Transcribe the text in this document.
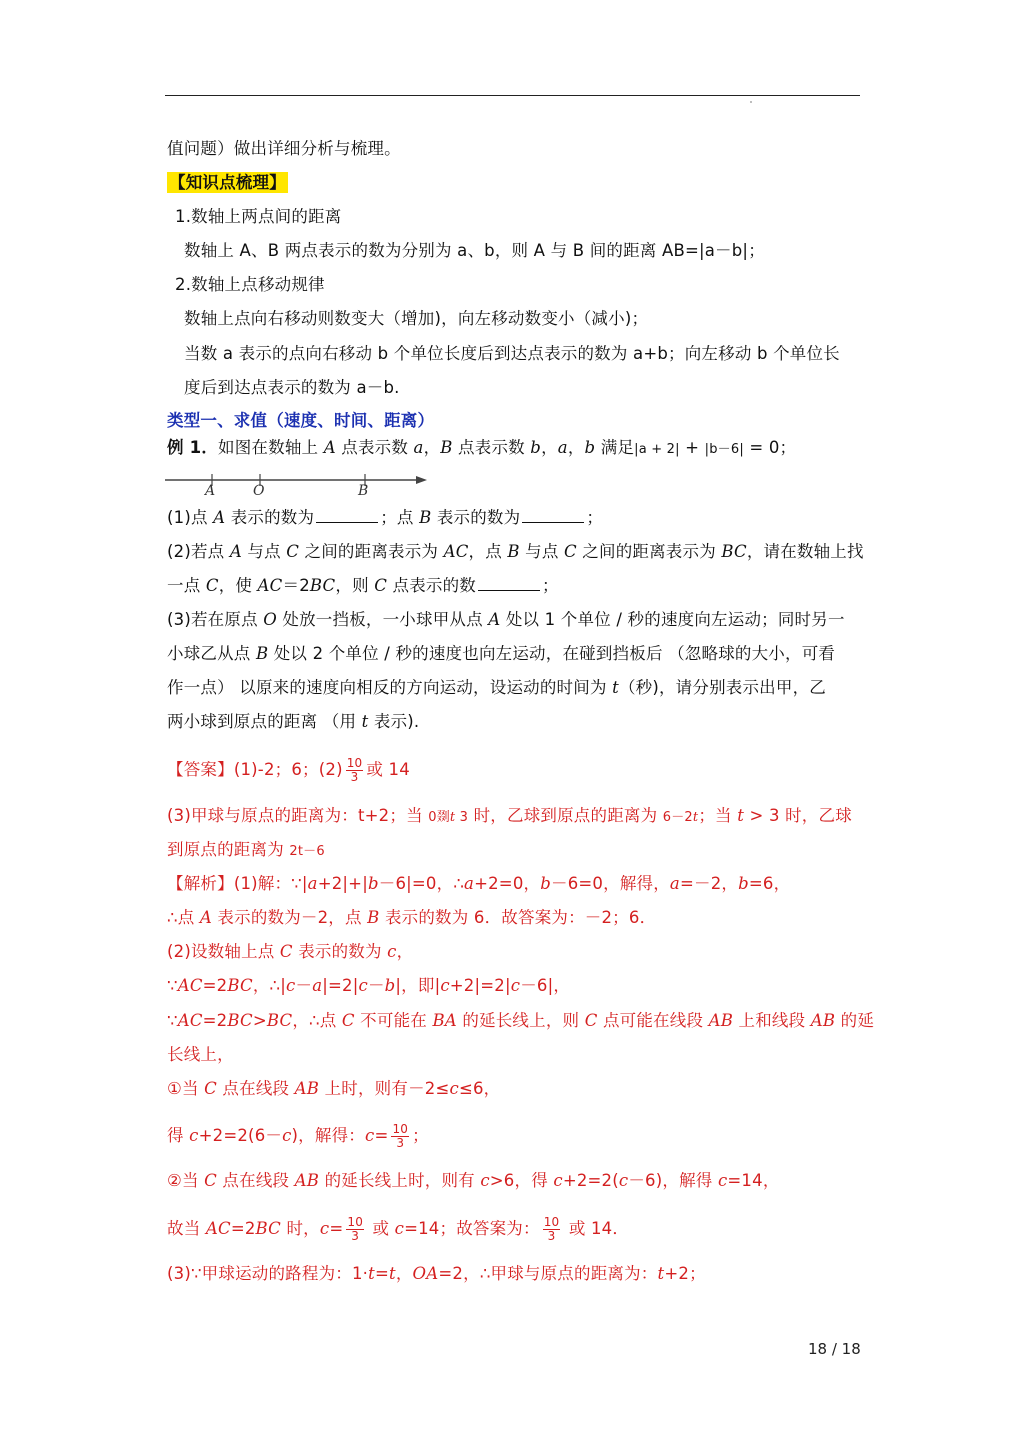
值问题）做出详细分析与梳理。
【知识点梳理】
1.数轴上两点间的距离
数轴上 A、B 两点表示的数为分别为 a、b，则 A 与 B 间的距离 AB=|a－b|；
2.数轴上点移动规律
数轴上点向右移动则数变大（增加)，向左移动数变小（减小)；
当数 a 表示的点向右移动 b 个单位长度后到达点表示的数为 a+b；向左移动 b 个单位长
度后到达点表示的数为 a－b.
类型一、求值（速度、时间、距离）
例 1．如图在数轴上 A 点表示数 a，B 点表示数 b，a，b 满足|a + 2| + |b－6| = 0；
A	O	B
(1)点 A 表示的数为	；点 B 表示的数为	；
(2)若点 A 与点 C 之间的距离表示为 AC，点 B 与点 C 之间的距离表示为 BC，请在数轴上找
一点 C，使 AC＝2BC，则 C 点表示的数	；
(3)若在原点 O 处放一挡板，一小球甲从点 A 处以 1 个单位 / 秒的速度向左运动；同时另一
小球乙从点 B 处以 2 个单位 / 秒的速度也向左运动，在碰到挡板后 （忽略球的大小，可看
作一点） 以原来的速度向相反的方向运动，设运动的时间为 t（秒)，请分别表示出甲，乙
两小球到原点的距离 （用 t 表示).
【答案】(1)-2；6；$(2) \frac{10}{3}$ 或 14
(3)甲球与原点的距离为：t+2；当 0剟t 3 时，乙球到原点的距离为 6－2t；当 t > 3 时，乙球
到原点的距离为 2t－6
【解析】(1)解：∵|a+2|+|b－6|=0，∴a+2=0，b－6=0，解得，a=－2，b=6，
∴点 A 表示的数为－2，点 B 表示的数为 6．故答案为：－2；6．
(2)设数轴上点 C 表示的数为 c，
∵AC=2BC，∴|c－a|=2|c－b|，即|c+2|=2|c－6|，
∵AC=2BC>BC，∴点 C 不可能在 BA 的延长线上，则 C 点可能在线段 AB 上和线段 AB 的延
长线上，
①当 C 点在线段 AB 上时，则有－2≤c≤6，
得 c+2=2(6－c)，解得：$c= \frac{10}{3}$ ；
②当 C 点在线段 AB 的延长线上时，则有 c>6，得 c+2=2(c－6)，解得 c=14，
故当 AC=2BC 时，$c= \frac{10}{3}$ 或 c=14；故答案为： $\frac{10}{3}$ 或 14．
(3)∵甲球运动的路程为：1·t=t，OA=2，∴甲球与原点的距离为：t+2；
18 / 18
